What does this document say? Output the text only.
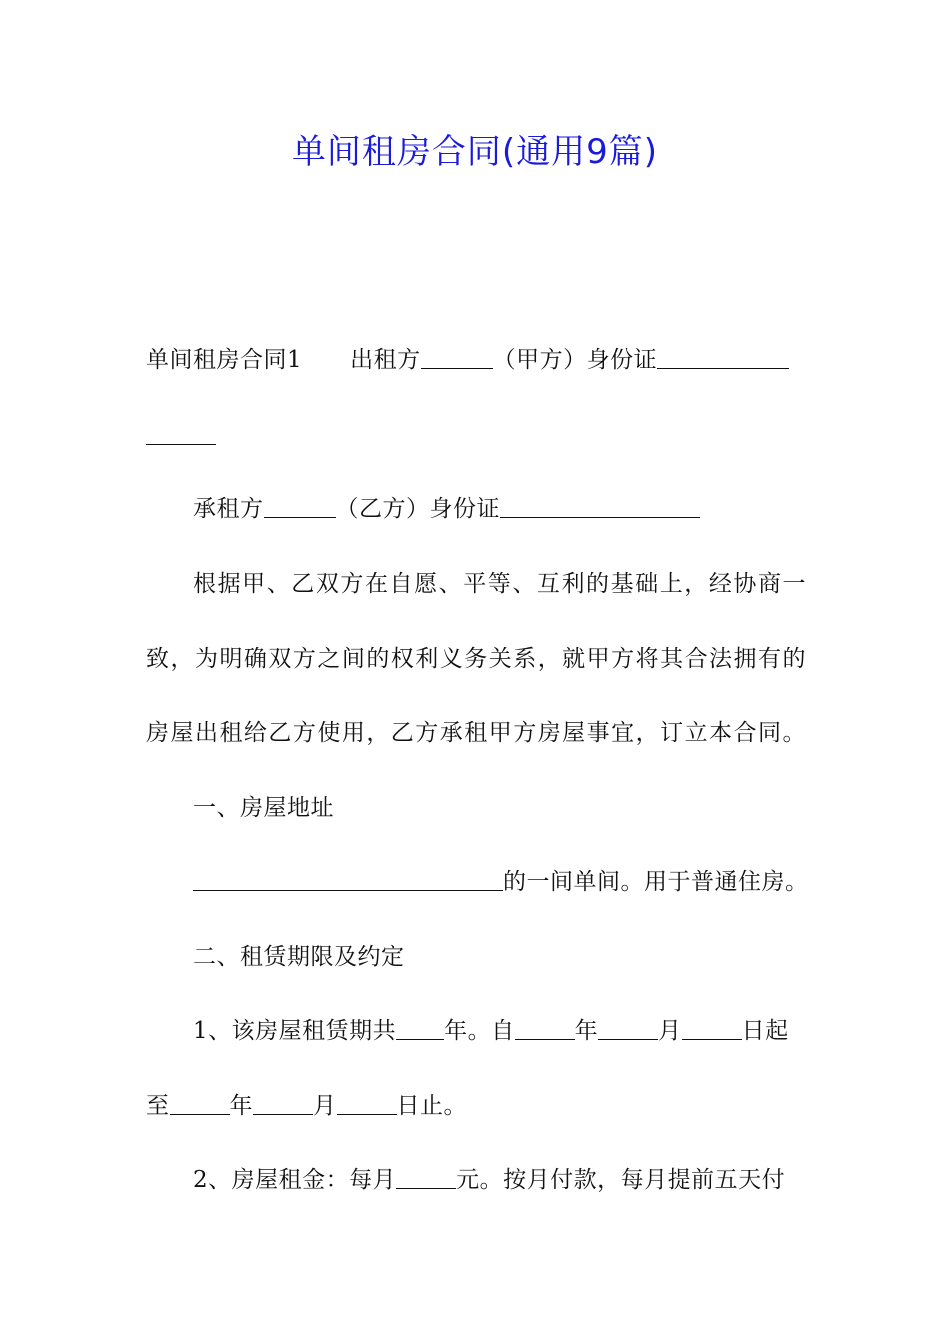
单间租房合同(通用9篇)
单间租房合同1 出租方	（甲方）身份证
承租方	（乙方）身份证
根据甲、乙双方在自愿、平等、互利的基础上，经协商一
致，为明确双方之间的权利义务关系，就甲方将其合法拥有的
房屋出租给乙方使用，乙方承租甲方房屋事宜，订立本合同。
一、房屋地址
的一间单间。用于普通住房。
二、租赁期限及约定
1、该房屋租赁期共 年。自	年	月	日起
至	年	月	日止。
2、房屋租金：每月	元。按月付款，每月提前五天付
